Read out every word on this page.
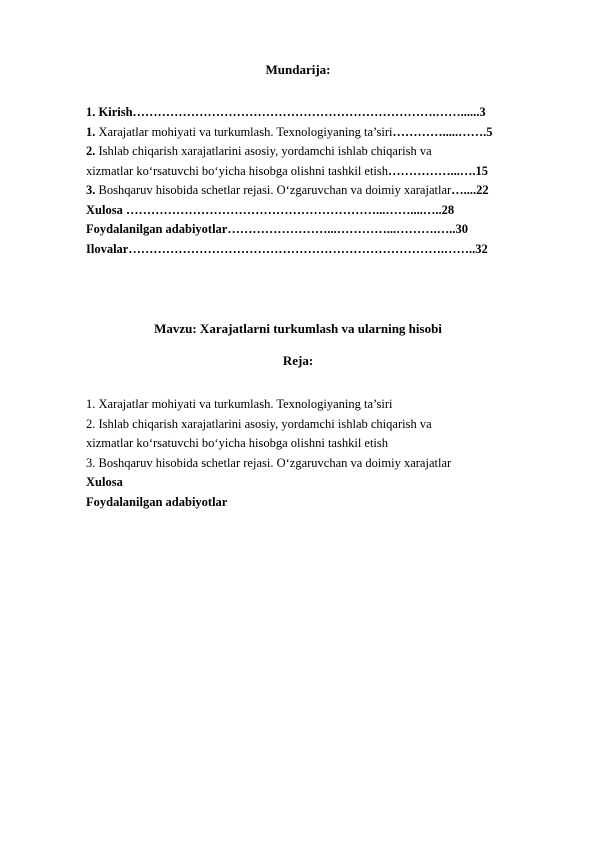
Mundarija:
1. Kirish……………………………………………………………….……......3
1. Xarajatlar mohiyati va turkumlash. Texnologiyaning ta’siri………….....…….5
2. Ishlab chiqarish xarajatlarini asosiy, yordamchi ishlab chiqarish va
xizmatlar ko‘rsatuvchi bo‘yicha hisobga olishni tashkil etish……………...….15
3. Boshqaruv hisobida schetlar rejasi. O‘zgaruvchan va doimiy xarajatlar…....22
Xulosa ……………………………………………………...……....…..28
Foydalanilgan adabiyotlar……………………...…………...……….…..30
Ilovalar………………………………………………………………….……..32
Mavzu: Xarajatlarni turkumlash va ularning hisobi
Reja:
1. Xarajatlar mohiyati va turkumlash. Texnologiyaning ta’siri
2. Ishlab chiqarish xarajatlarini asosiy, yordamchi ishlab chiqarish va
xizmatlar ko‘rsatuvchi bo‘yicha hisobga olishni tashkil etish
3. Boshqaruv hisobida schetlar rejasi. O‘zgaruvchan va doimiy xarajatlar
Xulosa
Foydalanilgan adabiyotlar
